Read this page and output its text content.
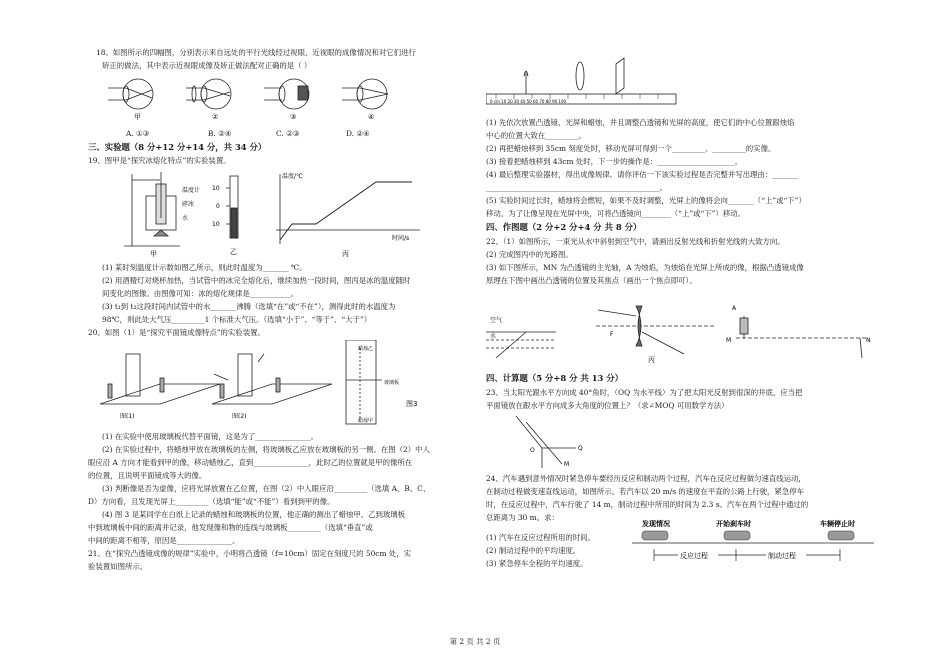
18、如图所示的四幅图，分别表示来自远处的平行光线经过视眼、近视眼的成像情况和对它们进行
矫正的做法，其中表示近视眼成像及矫正做法配对正确的是（ ）
甲	②	③	④
A. ①③	B. ②④	C. ②③	D. ②④
三、实验题（8 分+12 分+14 分，共 34 分）
19、图甲是“探究冰熔化特点”的实验装置。
温度计
碎冰
水
甲
10
0
10
乙
温度/℃
时间/s
丙
(1) 某时刻温度计示数如图乙所示，则此时温度为_______ ℃。
(2) 用酒精灯对烧杯加热，当试管中的冰完全熔化后，继续加热一段时间，图丙是冰的温度随时
间变化的图像。由图像可知：冰的熔化规律是___________。
(3) t₁到 t₂这段时间内试管中的水_______沸腾（选填“在”或“不在”），测得此时的水温度为
98℃，则此处大气压_________1 个标准大气压。（选填“小于”、“等于”、“大于”）
20、如图（1）是“探究平面镜成像特点”的实验装置。
图(1)	图(2)
蜡烛乙
玻璃板
蜡烛甲
图3
(1) 在实验中使用玻璃板代替平面镜，这是为了_______________。
(2) 在实验过程中，将蜡烛甲放在玻璃板的左侧，将玻璃板乙应放在玻璃板的另一侧。在图（2）中人
眼应沿 A 方向才能看到甲的像，移动蜡烛乙，直到_______________，此时乙的位置就是甲的像所在
的位置，且说明平面镜成等大的像。
(3) 判断像是否为虚像，应将光屏放置在乙位置，在图（2）中人眼应沿_________（选填 A、B、C、
D）方向看，且发现光屏上_________（选填“能”或“不能”）看到到甲的像。
(4) 图 3 是某同学在白纸上记录的蜡烛和玻璃板的位置，他正确的测出了蜡烛甲、乙到玻璃板
中到玻璃板中间的距离并记录，他发现像和物的连线与玻璃板_________（选填“垂直”或
中间的距离不相等，原因是_______________。
21、在“探究凸透镜成像的规律”实验中，小明将凸透镜（f=10cm）固定在刻度尺的 50cm 处，实
验装置如图所示。
0 cm 10 20 30 40 50 60 70 80 90 100
(1) 先依次放置凸透镜、光屏和蜡烛，并且调整凸透镜和光屏的高度，使它们的中心位置跟烛焰
中心的位置大致在_________。
(2) 再把蜡烛移到 35cm 刻度处时，移动光屏可得到一个_________、_________的实像。
(3) 接着把蜡烛移到 43cm 处时，下一步的操作是：_____________________。
(4) 最后整理实验器材，得出成像规律。请你评估一下该实验过程是否完整并写出理由：_______
_______________________________________________。
(5) 实验时间过长时，蜡烛将会燃短，如果不及时调整，光屏上的像将会向_______（“上”或“下”）
移动。为了让像呈现在光屏中央，可将凸透镜向________（“上”或“下”）移动。
四、作图题（2 分+2 分+4 分 共 8 分）
22、（1）如图所示，一束光从水中斜射到空气中，请画出反射光线和折射光线的大致方向。
(2) 完成图丙中的光路图。
(3) 如下图所示，MN 为凸透镜的主光轴，A 为烛焰，为烛焰在光屏上所成的像，根据凸透镜成像
原理在下图中画出凸透镜的位置及其焦点（画出一个焦点即可）。
空气
水	F
丙
A
M	N
四、计算题（5 分+8 分 共 13 分）
23、当太阳光跟水平方向成 40°角时，（OQ 为水平线）为了把太阳光反射到很深的井底，应当把
平面镜放在跟水平方向成多大角度的位置上？（求∠MOQ 可用数学方法）
O	Q
M
24、汽车遇到意外情况时紧急停车要经历反应和制动两个过程，汽车在反应过程做匀速直线运动，
在制动过程做变速直线运动，如图所示。若汽车以 20 m/s 的速度在平直的公路上行驶，紧急停车
时，在反应过程中，汽车行驶了 14 m，制动过程中所用的时间为 2.3 s。汽车在两个过程中通过的
总距离为 30 m。求：
(1) 汽车在反应过程所用的时间。
(2) 制动过程中的平均速度。
(3) 紧急停车全程的平均速度。
发现情况	开始刹车时	车辆停止时
反应过程	制动过程
第 2 页 共 2 页
